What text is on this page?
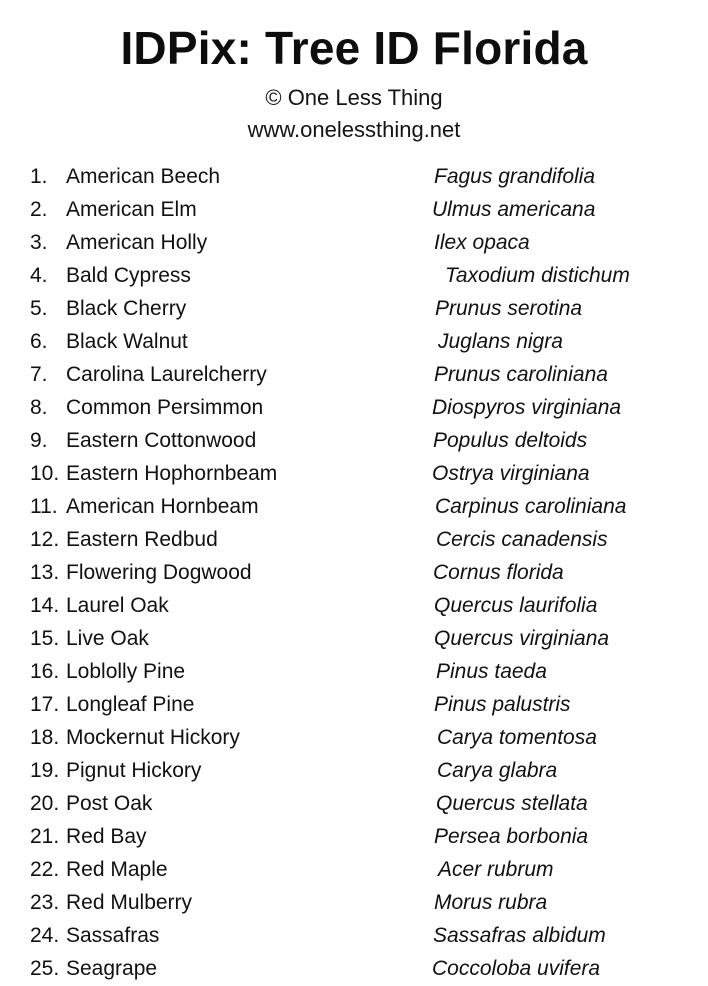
IDPix: Tree ID Florida
© One Less Thing
www.onelessthing.net
1. American Beech	Fagus grandifolia
2. American Elm	Ulmus americana
3. American Holly	Ilex opaca
4. Bald Cypress	Taxodium distichum
5. Black Cherry	Prunus serotina
6. Black Walnut	Juglans nigra
7. Carolina Laurelcherry	Prunus caroliniana
8. Common Persimmon	Diospyros virginiana
9. Eastern Cottonwood	Populus deltoids
10. Eastern Hophornbeam	Ostrya virginiana
11. American Hornbeam	Carpinus caroliniana
12. Eastern Redbud	Cercis canadensis
13. Flowering Dogwood	Cornus florida
14. Laurel Oak	Quercus laurifolia
15. Live Oak	Quercus virginiana
16. Loblolly Pine	Pinus taeda
17. Longleaf Pine	Pinus palustris
18. Mockernut Hickory	Carya tomentosa
19. Pignut Hickory	Carya glabra
20. Post Oak	Quercus stellata
21. Red Bay	Persea borbonia
22. Red Maple	Acer rubrum
23. Red Mulberry	Morus rubra
24. Sassafras	Sassafras albidum
25. Seagrape	Coccoloba uvifera
